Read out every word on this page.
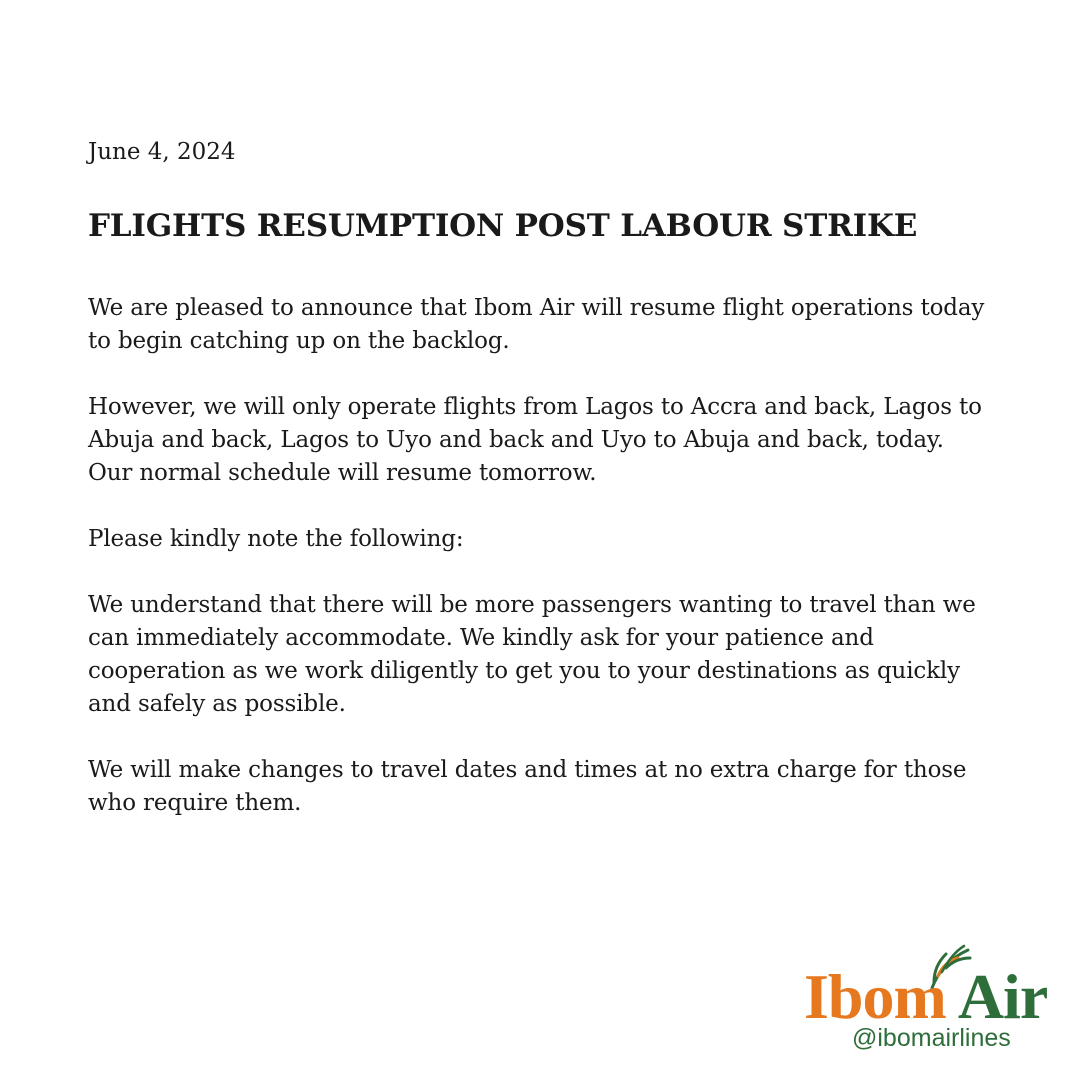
June 4, 2024

FLIGHTS RESUMPTION POST LABOUR STRIKE

We are pleased to announce that Ibom Air will resume flight operations today to begin catching up on the backlog.

However, we will only operate flights from Lagos to Accra and back, Lagos to Abuja and back, Lagos to Uyo and back and Uyo to Abuja and back, today. Our normal schedule will resume tomorrow.

Please kindly note the following:

We understand that there will be more passengers wanting to travel than we can immediately accommodate. We kindly ask for your patience and cooperation as we work diligently to get you to your destinations as quickly and safely as possible.

We will make changes to travel dates and times at no extra charge for those who require them.

Ibom Air
@ibomairlines
